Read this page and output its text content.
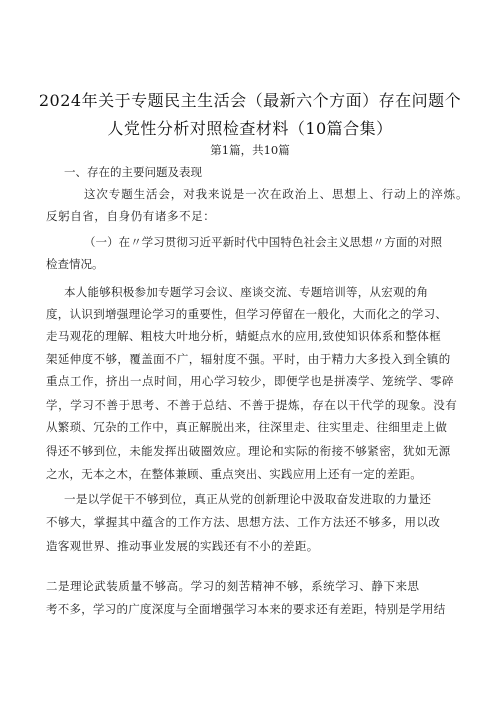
2024年关于专题民主生活会（最新六个方面）存在问题个
人党性分析对照检查材料（10篇合集）
第1篇，共10篇
一、存在的主要问题及表现
这次专题生活会，对我来说是一次在政治上、思想上、行动上的淬炼。
反躬自省，自身仍有诸多不足：
（一）在〃学习贯彻习近平新时代中国特色社会主义思想〃方面的对照
检查情况。
本人能够积极参加专题学习会议、座谈交流、专题培训等，从宏观的角
度，认识到增强理论学习的重要性，但学习停留在一般化，大而化之的学习、
走马观花的理解、粗枝大叶地分析，蜻蜓点水的应用,致使知识体系和整体框
架延伸度不够，覆盖面不广，辐射度不强。平时，由于精力大多投入到全镇的
重点工作，挤出一点时间，用心学习较少，即便学也是拼凑学、笼统学、零碎
学，学习不善于思考、不善于总结、不善于提炼，存在以干代学的现象。没有
从繁琐、冗杂的工作中，真正解脱出来，往深里走、往实里走、往细里走上做
得还不够到位，未能发挥出破圈效应。理论和实际的衔接不够紧密，犹如无源
之水，无本之木，在整体兼顾、重点突出、实践应用上还有一定的差距。
一是以学促干不够到位，真正从党的创新理论中汲取奋发进取的力量还
不够大，掌握其中蕴含的工作方法、思想方法、工作方法还不够多，用以改
造客观世界、推动事业发展的实践还有不小的差距。
二是理论武装质量不够高。学习的刻苦精神不够，系统学习、静下来思
考不多，学习的广度深度与全面增强学习本来的要求还有差距，特别是学用结
